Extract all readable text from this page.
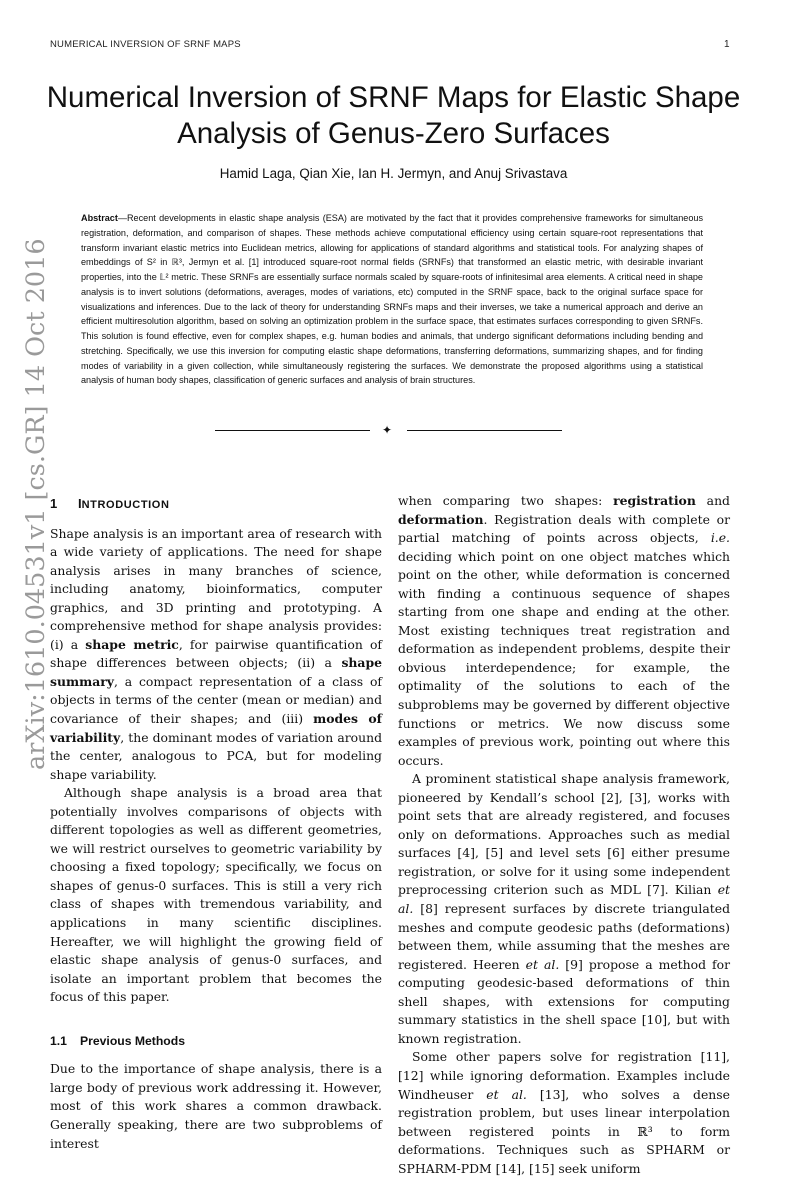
NUMERICAL INVERSION OF SRNF MAPS	1
arXiv:1610.04531v1 [cs.GR] 14 Oct 2016
Numerical Inversion of SRNF Maps for Elastic Shape Analysis of Genus-Zero Surfaces
Hamid Laga, Qian Xie, Ian H. Jermyn, and Anuj Srivastava
Abstract—Recent developments in elastic shape analysis (ESA) are motivated by the fact that it provides comprehensive frameworks for simultaneous registration, deformation, and comparison of shapes. These methods achieve computational efficiency using certain square-root representations that transform invariant elastic metrics into Euclidean metrics, allowing for applications of standard algorithms and statistical tools. For analyzing shapes of embeddings of S² in ℝ³, Jermyn et al. [1] introduced square-root normal fields (SRNFs) that transformed an elastic metric, with desirable invariant properties, into the 𝕃² metric. These SRNFs are essentially surface normals scaled by square-roots of infinitesimal area elements. A critical need in shape analysis is to invert solutions (deformations, averages, modes of variations, etc) computed in the SRNF space, back to the original surface space for visualizations and inferences. Due to the lack of theory for understanding SRNFs maps and their inverses, we take a numerical approach and derive an efficient multiresolution algorithm, based on solving an optimization problem in the surface space, that estimates surfaces corresponding to given SRNFs. This solution is found effective, even for complex shapes, e.g. human bodies and animals, that undergo significant deformations including bending and stretching. Specifically, we use this inversion for computing elastic shape deformations, transferring deformations, summarizing shapes, and for finding modes of variability in a given collection, while simultaneously registering the surfaces. We demonstrate the proposed algorithms using a statistical analysis of human body shapes, classification of generic surfaces and analysis of brain structures.
✦
1 INTRODUCTION

Shape analysis is an important area of research with a wide variety of applications. The need for shape analysis arises in many branches of science, including anatomy, bioinformatics, computer graphics, and 3D printing and prototyping. A comprehensive method for shape analysis provides: (i) a shape metric, for pairwise quantification of shape differences between objects; (ii) a shape summary, a compact representation of a class of objects in terms of the center (mean or median) and covariance of their shapes; and (iii) modes of variability, the dominant modes of variation around the center, analogous to PCA, but for modeling shape variability.

Although shape analysis is a broad area that potentially involves comparisons of objects with different topologies as well as different geometries, we will restrict ourselves to geometric variability by choosing a fixed topology; specifically, we focus on shapes of genus-0 surfaces. This is still a very rich class of shapes with tremendous variability, and applications in many scientific disciplines. Hereafter, we will highlight the growing field of elastic shape analysis of genus-0 surfaces, and isolate an important problem that becomes the focus of this paper.

1.1 Previous Methods

Due to the importance of shape analysis, there is a large body of previous work addressing it. However, most of this work shares a common drawback. Generally speaking, there are two subproblems of interest

when comparing two shapes: registration and deformation. Registration deals with complete or partial matching of points across objects, i.e. deciding which point on one object matches which point on the other, while deformation is concerned with finding a continuous sequence of shapes starting from one shape and ending at the other. Most existing techniques treat registration and deformation as independent problems, despite their obvious interdependence; for example, the optimality of the solutions to each of the subproblems may be governed by different objective functions or metrics. We now discuss some examples of previous work, pointing out where this occurs.

A prominent statistical shape analysis framework, pioneered by Kendall’s school [2], [3], works with point sets that are already registered, and focuses only on deformations. Approaches such as medial surfaces [4], [5] and level sets [6] either presume registration, or solve for it using some independent preprocessing criterion such as MDL [7]. Kilian et al. [8] represent surfaces by discrete triangulated meshes and compute geodesic paths (deformations) between them, while assuming that the meshes are registered. Heeren et al. [9] propose a method for computing geodesic-based deformations of thin shell shapes, with extensions for computing summary statistics in the shell space [10], but with known registration.

Some other papers solve for registration [11], [12] while ignoring deformation. Examples include Windheuser et al. [13], who solves a dense registration problem, but uses linear interpolation between registered points in ℝ³ to form deformations. Techniques such as SPHARM or SPHARM-PDM [14], [15] seek uniform
